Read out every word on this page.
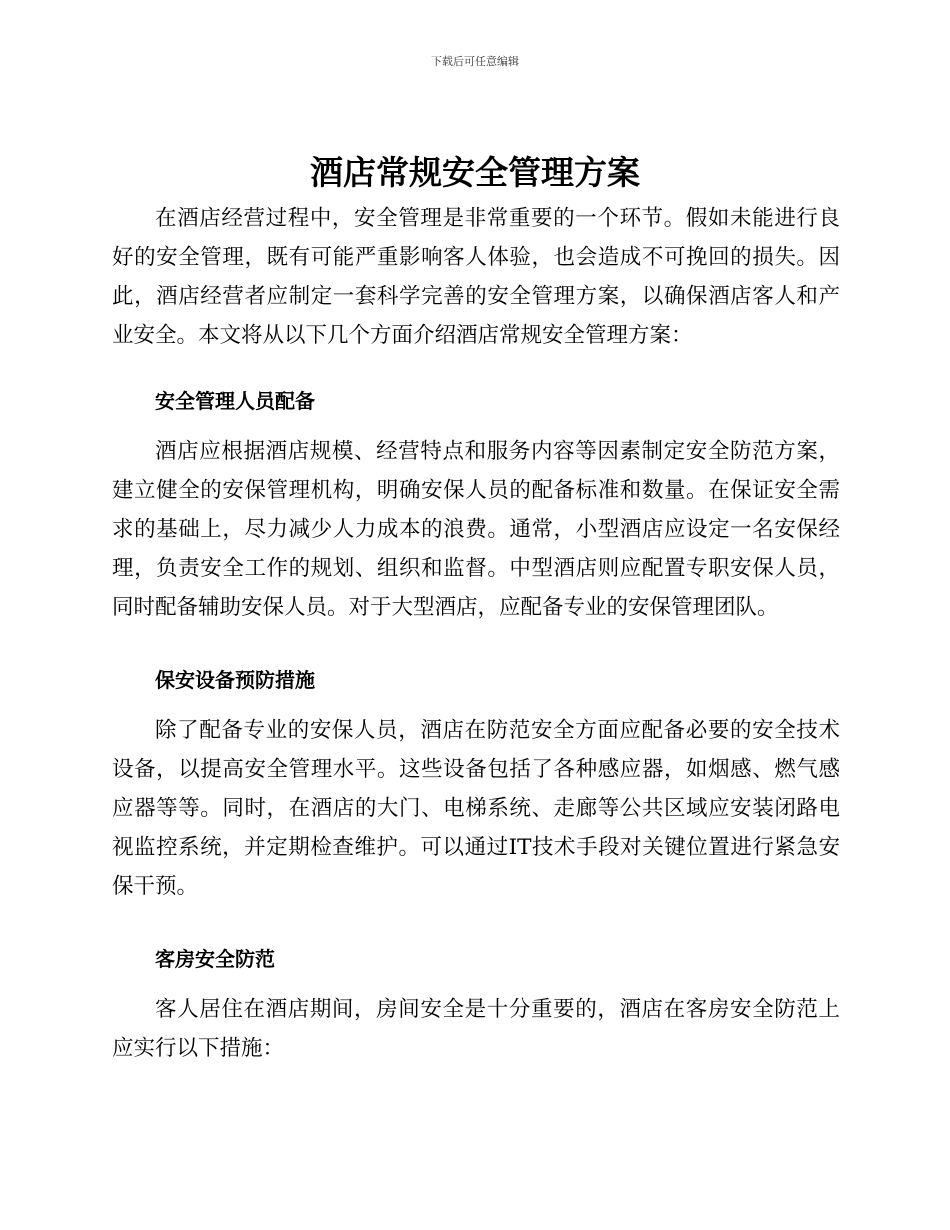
下载后可任意编辑
酒店常规安全管理方案

在酒店经营过程中，安全管理是非常重要的一个环节。假如未能进行良好的安全管理，既有可能严重影响客人体验，也会造成不可挽回的损失。因此，酒店经营者应制定一套科学完善的安全管理方案，以确保酒店客人和产业安全。本文将从以下几个方面介绍酒店常规安全管理方案：

安全管理人员配备

酒店应根据酒店规模、经营特点和服务内容等因素制定安全防范方案，建立健全的安保管理机构，明确安保人员的配备标准和数量。在保证安全需求的基础上，尽力减少人力成本的浪费。通常，小型酒店应设定一名安保经理，负责安全工作的规划、组织和监督。中型酒店则应配置专职安保人员，同时配备辅助安保人员。对于大型酒店，应配备专业的安保管理团队。

保安设备预防措施

除了配备专业的安保人员，酒店在防范安全方面应配备必要的安全技术设备，以提高安全管理水平。这些设备包括了各种感应器，如烟感、燃气感应器等等。同时，在酒店的大门、电梯系统、走廊等公共区域应安装闭路电视监控系统，并定期检查维护。可以通过IT技术手段对关键位置进行紧急安保干预。

客房安全防范

客人居住在酒店期间，房间安全是十分重要的，酒店在客房安全防范上应实行以下措施：
